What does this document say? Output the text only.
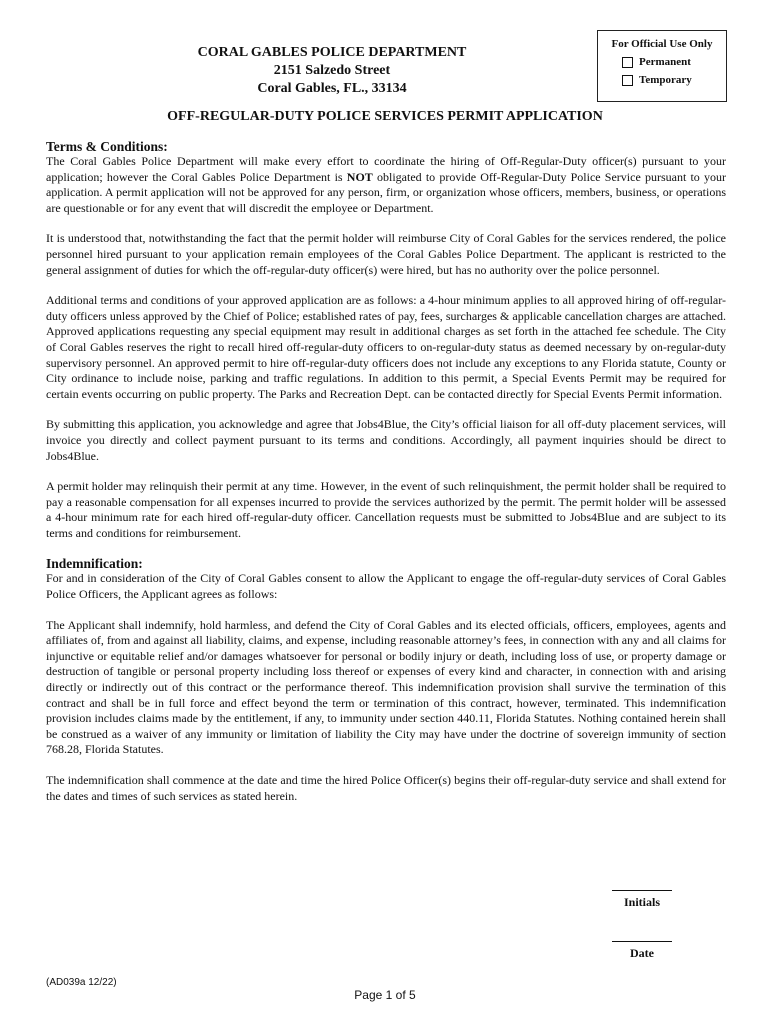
CORAL GABLES POLICE DEPARTMENT
2151 Salzedo Street
Coral Gables, FL., 33134
For Official Use Only
Permanent
Temporary
OFF-REGULAR-DUTY POLICE SERVICES PERMIT APPLICATION
Terms & Conditions:

The Coral Gables Police Department will make every effort to coordinate the hiring of Off-Regular-Duty officer(s) pursuant to your application; however the Coral Gables Police Department is NOT obligated to provide Off-Regular-Duty Police Service pursuant to your application. A permit application will not be approved for any person, firm, or organization whose officers, members, business, or operations are questionable or for any event that will discredit the employee or Department.

It is understood that, notwithstanding the fact that the permit holder will reimburse City of Coral Gables for the services rendered, the police personnel hired pursuant to your application remain employees of the Coral Gables Police Department. The applicant is restricted to the general assignment of duties for which the off-regular-duty officer(s) were hired, but has no authority over the police personnel.

Additional terms and conditions of your approved application are as follows: a 4-hour minimum applies to all approved hiring of off-regular-duty officers unless approved by the Chief of Police; established rates of pay, fees, surcharges & applicable cancellation charges are attached. Approved applications requesting any special equipment may result in additional charges as set forth in the attached fee schedule. The City of Coral Gables reserves the right to recall hired off-regular-duty officers to on-regular-duty status as deemed necessary by on-regular-duty supervisory personnel. An approved permit to hire off-regular-duty officers does not include any exceptions to any Florida statute, County or City ordinance to include noise, parking and traffic regulations. In addition to this permit, a Special Events Permit may be required for certain events occurring on public property. The Parks and Recreation Dept. can be contacted directly for Special Events Permit information.

By submitting this application, you acknowledge and agree that Jobs4Blue, the City’s official liaison for all off-duty placement services, will invoice you directly and collect payment pursuant to its terms and conditions. Accordingly, all payment inquiries should be direct to Jobs4Blue.

A permit holder may relinquish their permit at any time. However, in the event of such relinquishment, the permit holder shall be required to pay a reasonable compensation for all expenses incurred to provide the services authorized by the permit. The permit holder will be assessed a 4-hour minimum rate for each hired off-regular-duty officer. Cancellation requests must be submitted to Jobs4Blue and are subject to its terms and conditions for reimbursement.

Indemnification:

For and in consideration of the City of Coral Gables consent to allow the Applicant to engage the off-regular-duty services of Coral Gables Police Officers, the Applicant agrees as follows:

The Applicant shall indemnify, hold harmless, and defend the City of Coral Gables and its elected officials, officers, employees, agents and affiliates of, from and against all liability, claims, and expense, including reasonable attorney’s fees, in connection with any and all claims for injunctive or equitable relief and/or damages whatsoever for personal or bodily injury or death, including loss of use, or property damage or destruction of tangible or personal property including loss thereof or expenses of every kind and character, in connection with and arising directly or indirectly out of this contract or the performance thereof. This indemnification provision shall survive the termination of this contract and shall be in full force and effect beyond the term or termination of this contract, however, terminated. This indemnification provision includes claims made by the entitlement, if any, to immunity under section 440.11, Florida Statutes. Nothing contained herein shall be construed as a waiver of any immunity or limitation of liability the City may have under the doctrine of sovereign immunity of section 768.28, Florida Statutes.

The indemnification shall commence at the date and time the hired Police Officer(s) begins their off-regular-duty service and shall extend for the dates and times of such services as stated herein.

Initials
Date
(AD039a 12/22)
Page 1 of 5
